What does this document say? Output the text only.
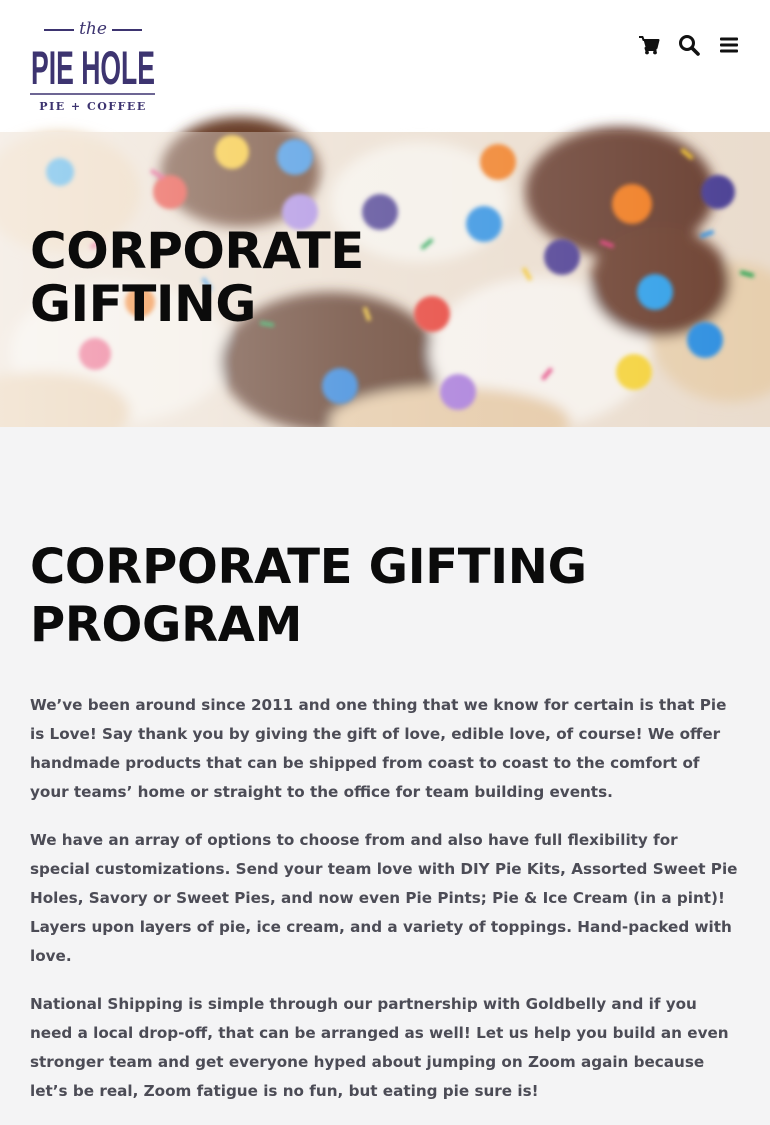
the
PIE HOLE
PIE + COFFEE
CORPORATE GIFTING
CORPORATE GIFTING PROGRAM

We’ve been around since 2011 and one thing that we know for certain is that Pie is Love! Say thank you by giving the gift of love, edible love, of course! We offer handmade products that can be shipped from coast to coast to the comfort of your teams’ home or straight to the office for team building events.

We have an array of options to choose from and also have full flexibility for special customizations. Send your team love with DIY Pie Kits, Assorted Sweet Pie Holes, Savory or Sweet Pies, and now even Pie Pints; Pie & Ice Cream (in a pint)! Layers upon layers of pie, ice cream, and a variety of toppings. Hand-packed with love.

National Shipping is simple through our partnership with Goldbelly and if you need a local drop-off, that can be arranged as well! Let us help you build an even stronger team and get everyone hyped about jumping on Zoom again because let’s be real, Zoom fatigue is no fun, but eating pie sure is!
